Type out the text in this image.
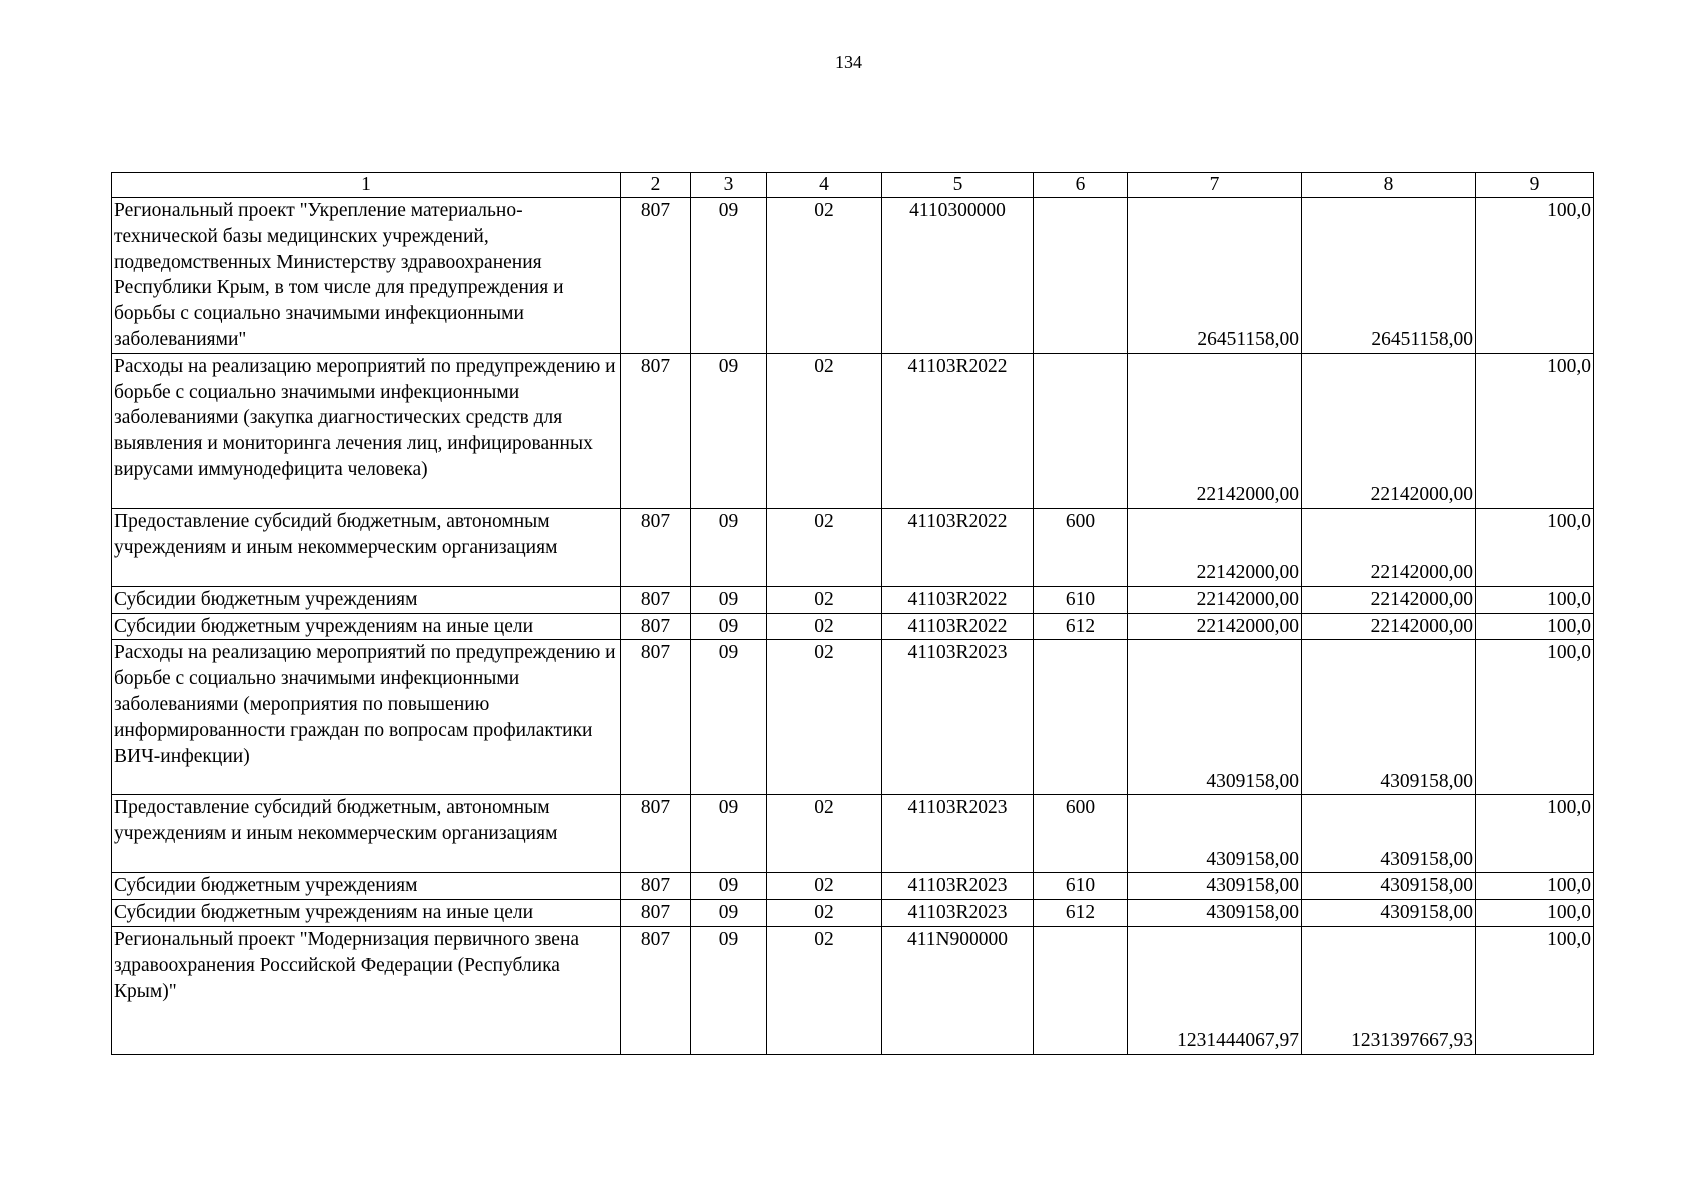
134
1	2	3	4	5	6	7	8	9
Региональный проект "Укрепление материально-технической базы медицинских учреждений, подведомственных Министерству здравоохранения Республики Крым, в том числе для предупреждения и борьбы с социально значимыми инфекционными заболеваниями"	807	09	02	4110300000		26451158,00	26451158,00	100,0
Расходы на реализацию мероприятий по предупреждению и борьбе с социально значимыми инфекционными заболеваниями (закупка диагностических средств для выявления и мониторинга лечения лиц, инфицированных вирусами иммунодефицита человека)	807	09	02	41103R2022		22142000,00	22142000,00	100,0
Предоставление субсидий бюджетным, автономным учреждениям и иным некоммерческим организациям	807	09	02	41103R2022	600	22142000,00	22142000,00	100,0
Субсидии бюджетным учреждениям	807	09	02	41103R2022	610	22142000,00	22142000,00	100,0
Субсидии бюджетным учреждениям на иные цели	807	09	02	41103R2022	612	22142000,00	22142000,00	100,0
Расходы на реализацию мероприятий по предупреждению и борьбе с социально значимыми инфекционными заболеваниями (мероприятия по повышению информированности граждан по вопросам профилактики ВИЧ-инфекции)	807	09	02	41103R2023		4309158,00	4309158,00	100,0
Предоставление субсидий бюджетным, автономным учреждениям и иным некоммерческим организациям	807	09	02	41103R2023	600	4309158,00	4309158,00	100,0
Субсидии бюджетным учреждениям	807	09	02	41103R2023	610	4309158,00	4309158,00	100,0
Субсидии бюджетным учреждениям на иные цели	807	09	02	41103R2023	612	4309158,00	4309158,00	100,0
Региональный проект "Модернизация первичного звена здравоохранения Российской Федерации (Республика Крым)"	807	09	02	411N900000		1231444067,97	1231397667,93	100,0
